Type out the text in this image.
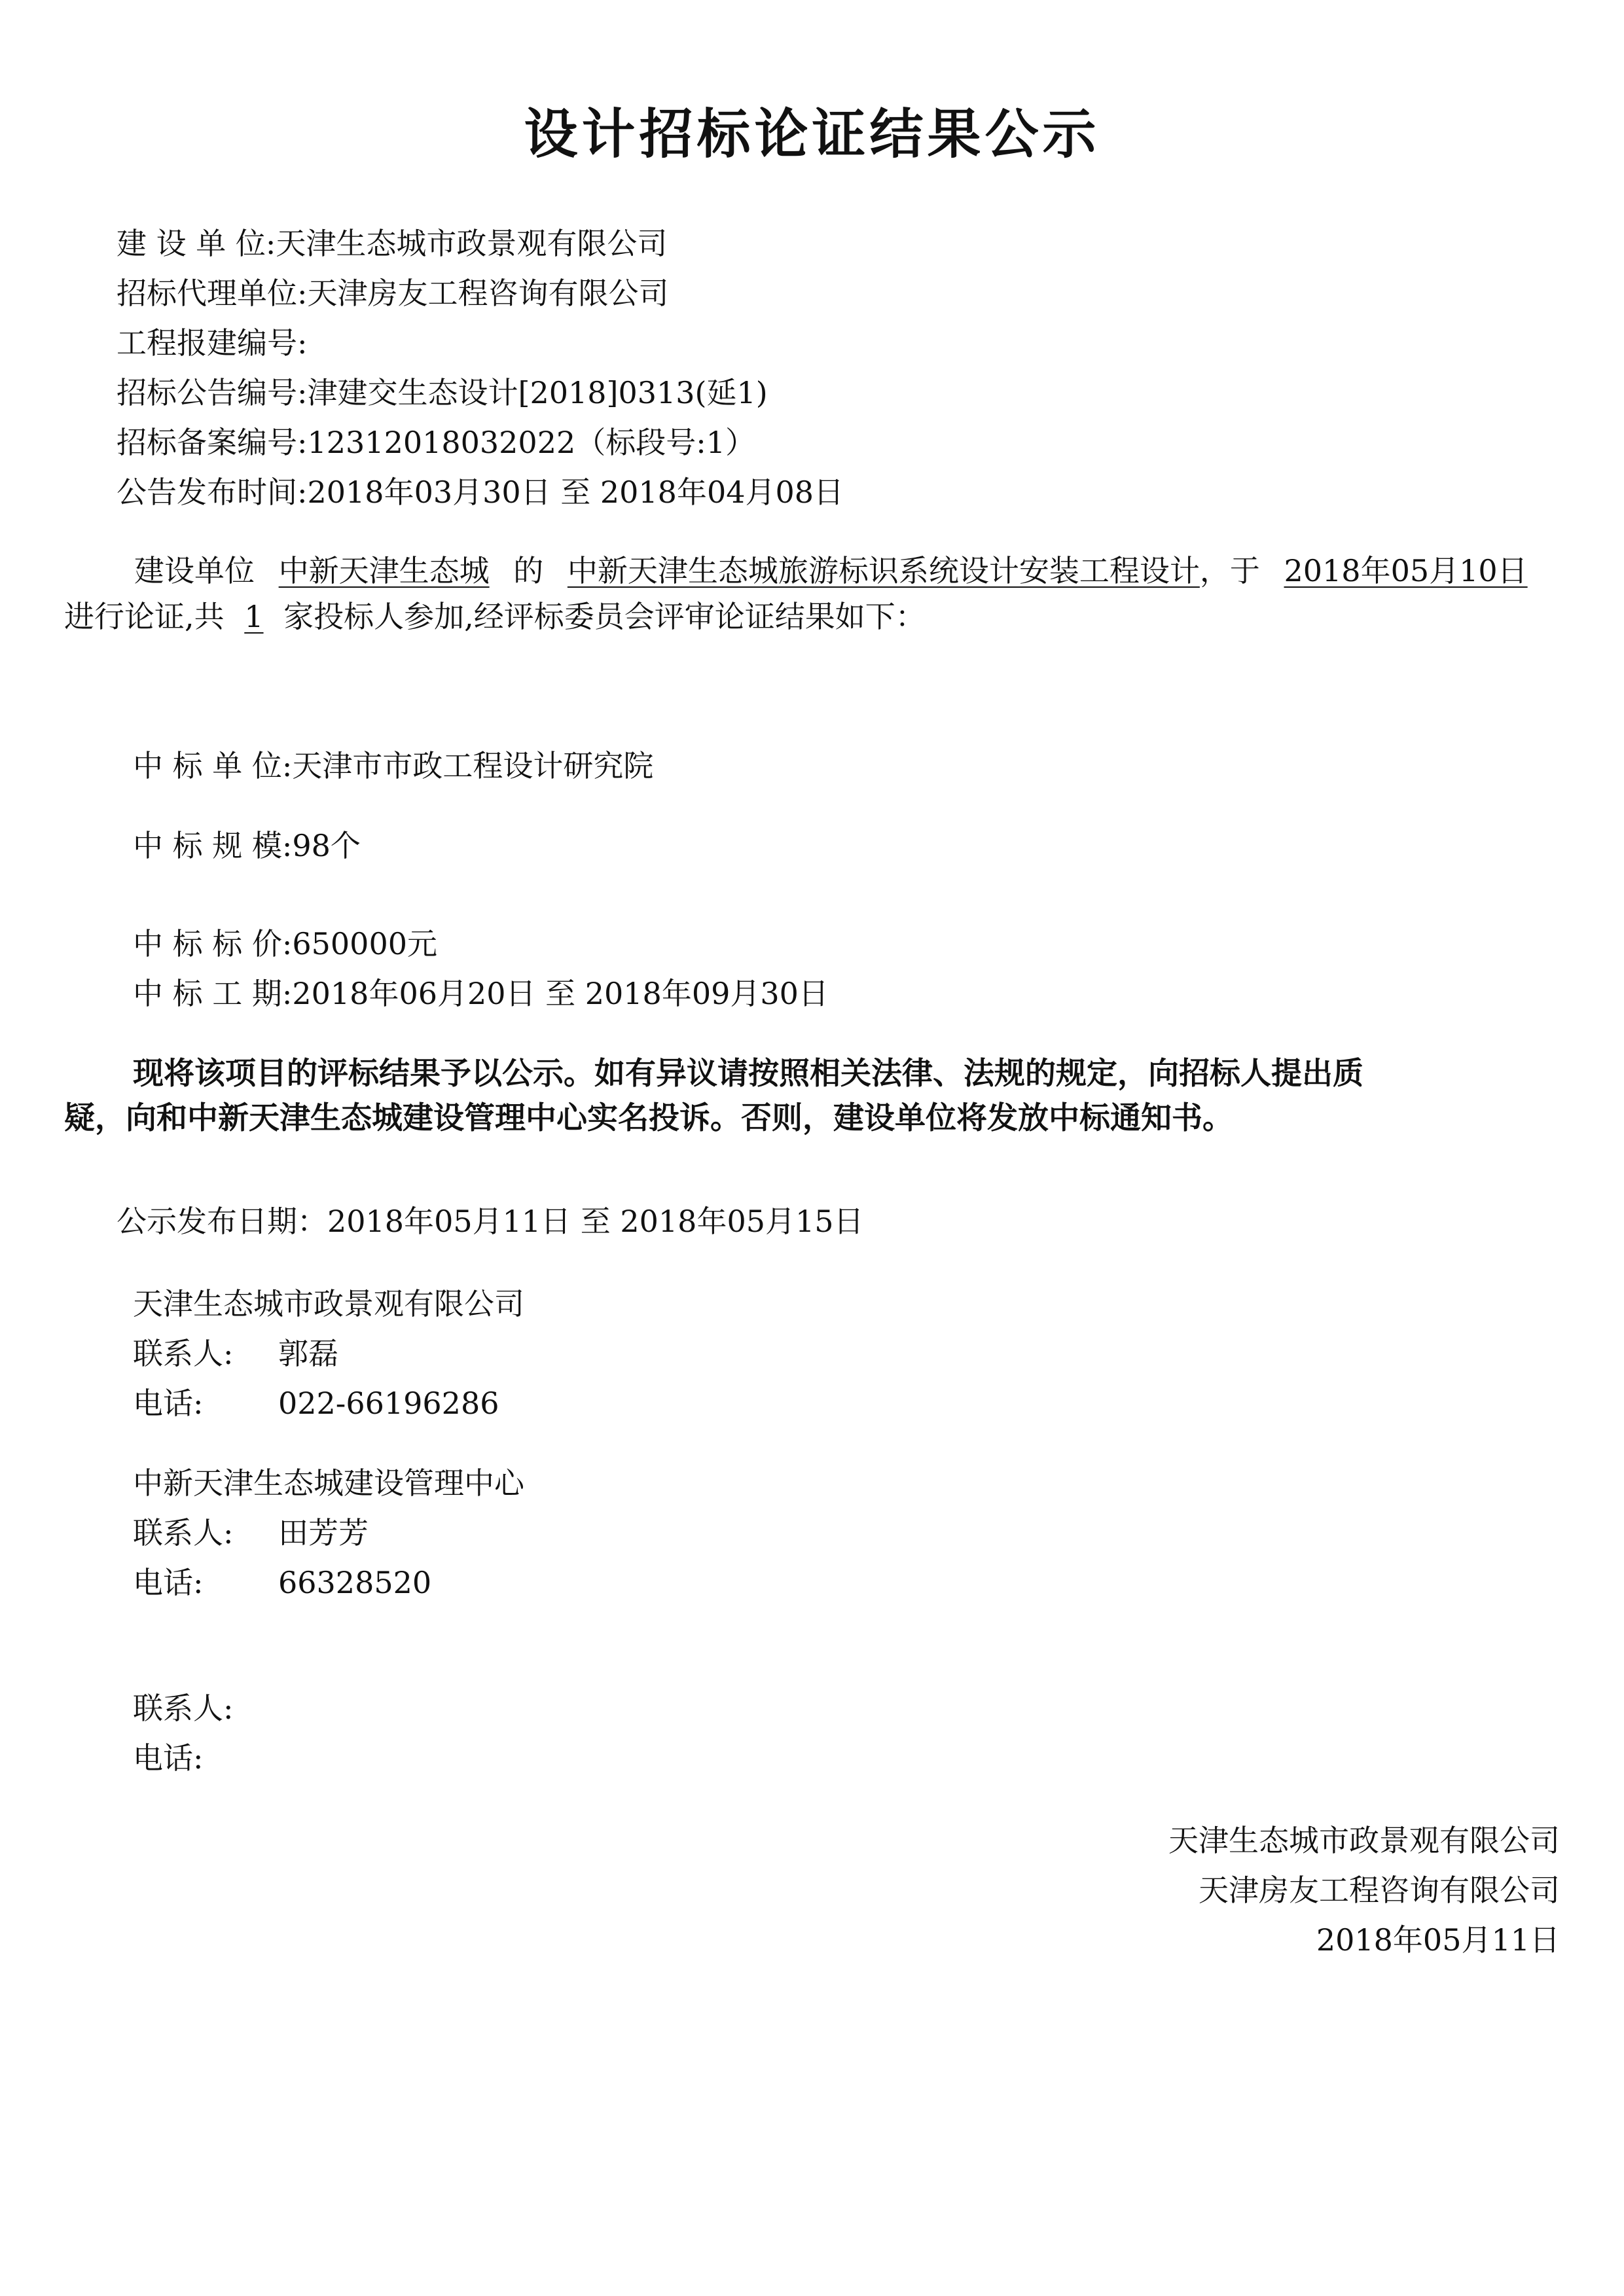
设计招标论证结果公示
建 设 单 位:天津生态城市政景观有限公司
招标代理单位:天津房友工程咨询有限公司
工程报建编号:
招标公告编号:津建交生态设计[2018]0313(延1)
招标备案编号:12312018032022（标段号:1）
公告发布时间:2018年03月30日 至 2018年04月08日
建设单位 中新天津生态城 的 中新天津生态城旅游标识系统设计安装工程设计，于 2018年05月10日
进行论证,共 1 家投标人参加,经评标委员会评审论证结果如下：
中 标 单 位:天津市市政工程设计研究院
中 标 规 模:98个
中 标 标 价:650000元
中 标 工 期:2018年06月20日 至 2018年09月30日
现将该项目的评标结果予以公示。如有异议请按照相关法律、法规的规定，向招标人提出质
疑，向和中新天津生态城建设管理中心实名投诉。否则，建设单位将发放中标通知书。
公示发布日期：2018年05月11日 至 2018年05月15日
天津生态城市政景观有限公司
联系人: 郭磊
电话: 022-66196286
中新天津生态城建设管理中心
联系人: 田芳芳
电话: 66328520
联系人:
电话:
天津生态城市政景观有限公司
天津房友工程咨询有限公司
2018年05月11日
